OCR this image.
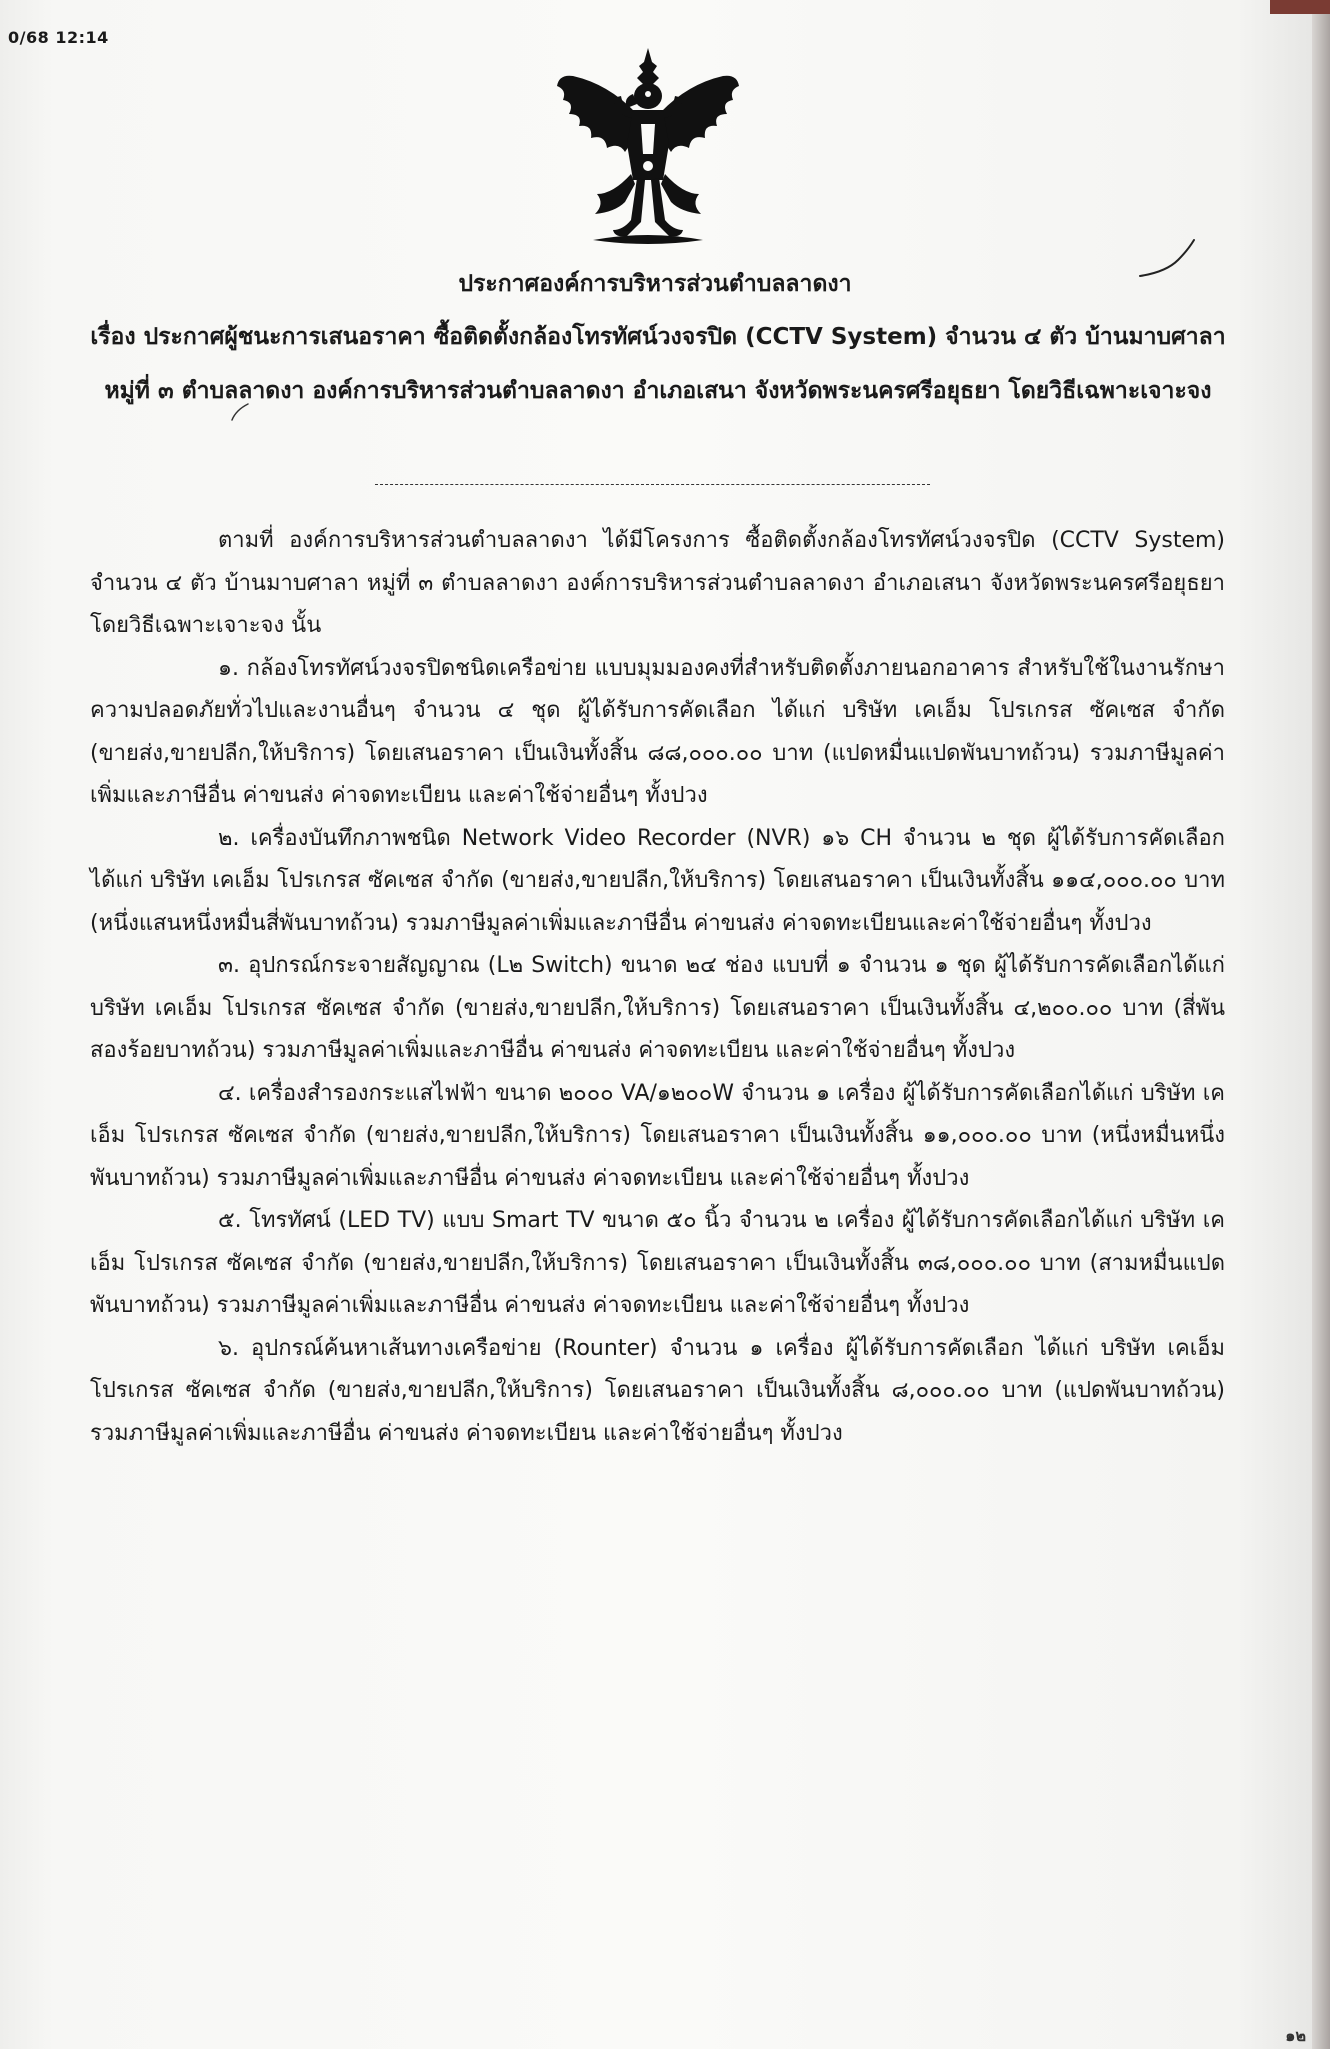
0/68 12:14
ประกาศองค์การบริหารส่วนตำบลลาดงา
เรื่อง ประกาศผู้ชนะการเสนอราคา ซื้อติดตั้งกล้องโทรทัศน์วงจรปิด (CCTV System) จำนวน ๔ ตัว บ้านมาบศาลา หมู่ที่ ๓ ตำบลลาดงา องค์การบริหารส่วนตำบลลาดงา อำเภอเสนา จังหวัดพระนครศรีอยุธยา โดยวิธีเฉพาะเจาะจง

ตามที่ องค์การบริหารส่วนตำบลลาดงา ได้มีโครงการ ซื้อติดตั้งกล้องโทรทัศน์วงจรปิด (CCTV System) จำนวน ๔ ตัว บ้านมาบศาลา หมู่ที่ ๓ ตำบลลาดงา องค์การบริหารส่วนตำบลลาดงา อำเภอเสนา จังหวัดพระนครศรีอยุธยา โดยวิธีเฉพาะเจาะจง นั้น

๑. กล้องโทรทัศน์วงจรปิดชนิดเครือข่าย แบบมุมมองคงที่สำหรับติดตั้งภายนอกอาคาร สำหรับใช้ในงานรักษาความปลอดภัยทั่วไปและงานอื่นๆ จำนวน ๔ ชุด ผู้ได้รับการคัดเลือก ได้แก่ บริษัท เคเอ็ม โปรเกรส ซัคเซส จำกัด (ขายส่ง,ขายปลีก,ให้บริการ) โดยเสนอราคา เป็นเงินทั้งสิ้น ๘๘,๐๐๐.๐๐ บาท (แปดหมื่นแปดพันบาทถ้วน) รวมภาษีมูลค่าเพิ่มและภาษีอื่น ค่าขนส่ง ค่าจดทะเบียน และค่าใช้จ่ายอื่นๆ ทั้งปวง

๒. เครื่องบันทึกภาพชนิด Network Video Recorder (NVR) ๑๖ CH จำนวน ๒ ชุด ผู้ได้รับการคัดเลือกได้แก่ บริษัท เคเอ็ม โปรเกรส ซัคเซส จำกัด (ขายส่ง,ขายปลีก,ให้บริการ) โดยเสนอราคา เป็นเงินทั้งสิ้น ๑๑๔,๐๐๐.๐๐ บาท (หนึ่งแสนหนึ่งหมื่นสี่พันบาทถ้วน) รวมภาษีมูลค่าเพิ่มและภาษีอื่น ค่าขนส่ง ค่าจดทะเบียนและค่าใช้จ่ายอื่นๆ ทั้งปวง

๓. อุปกรณ์กระจายสัญญาณ (L๒ Switch) ขนาด ๒๔ ช่อง แบบที่ ๑ จำนวน ๑ ชุด ผู้ได้รับการคัดเลือกได้แก่ บริษัท เคเอ็ม โปรเกรส ซัคเซส จำกัด (ขายส่ง,ขายปลีก,ให้บริการ) โดยเสนอราคา เป็นเงินทั้งสิ้น ๔,๒๐๐.๐๐ บาท (สี่พันสองร้อยบาทถ้วน) รวมภาษีมูลค่าเพิ่มและภาษีอื่น ค่าขนส่ง ค่าจดทะเบียน และค่าใช้จ่ายอื่นๆ ทั้งปวง

๔. เครื่องสำรองกระแสไฟฟ้า ขนาด ๒๐๐๐ VA/๑๒๐๐W จำนวน ๑ เครื่อง ผู้ได้รับการคัดเลือกได้แก่ บริษัท เคเอ็ม โปรเกรส ซัคเซส จำกัด (ขายส่ง,ขายปลีก,ให้บริการ) โดยเสนอราคา เป็นเงินทั้งสิ้น ๑๑,๐๐๐.๐๐ บาท (หนึ่งหมื่นหนึ่งพันบาทถ้วน) รวมภาษีมูลค่าเพิ่มและภาษีอื่น ค่าขนส่ง ค่าจดทะเบียน และค่าใช้จ่ายอื่นๆ ทั้งปวง

๕. โทรทัศน์ (LED TV) แบบ Smart TV ขนาด ๕๐ นิ้ว จำนวน ๒ เครื่อง ผู้ได้รับการคัดเลือกได้แก่ บริษัท เคเอ็ม โปรเกรส ซัคเซส จำกัด (ขายส่ง,ขายปลีก,ให้บริการ) โดยเสนอราคา เป็นเงินทั้งสิ้น ๓๘,๐๐๐.๐๐ บาท (สามหมื่นแปดพันบาทถ้วน) รวมภาษีมูลค่าเพิ่มและภาษีอื่น ค่าขนส่ง ค่าจดทะเบียน และค่าใช้จ่ายอื่นๆ ทั้งปวง

๖. อุปกรณ์ค้นหาเส้นทางเครือข่าย (Rounter) จำนวน ๑ เครื่อง ผู้ได้รับการคัดเลือก ได้แก่ บริษัท เคเอ็มโปรเกรส ซัคเซส จำกัด (ขายส่ง,ขายปลีก,ให้บริการ) โดยเสนอราคา เป็นเงินทั้งสิ้น ๘,๐๐๐.๐๐ บาท (แปดพันบาทถ้วน) รวมภาษีมูลค่าเพิ่มและภาษีอื่น ค่าขนส่ง ค่าจดทะเบียน และค่าใช้จ่ายอื่นๆ ทั้งปวง

๑๒
